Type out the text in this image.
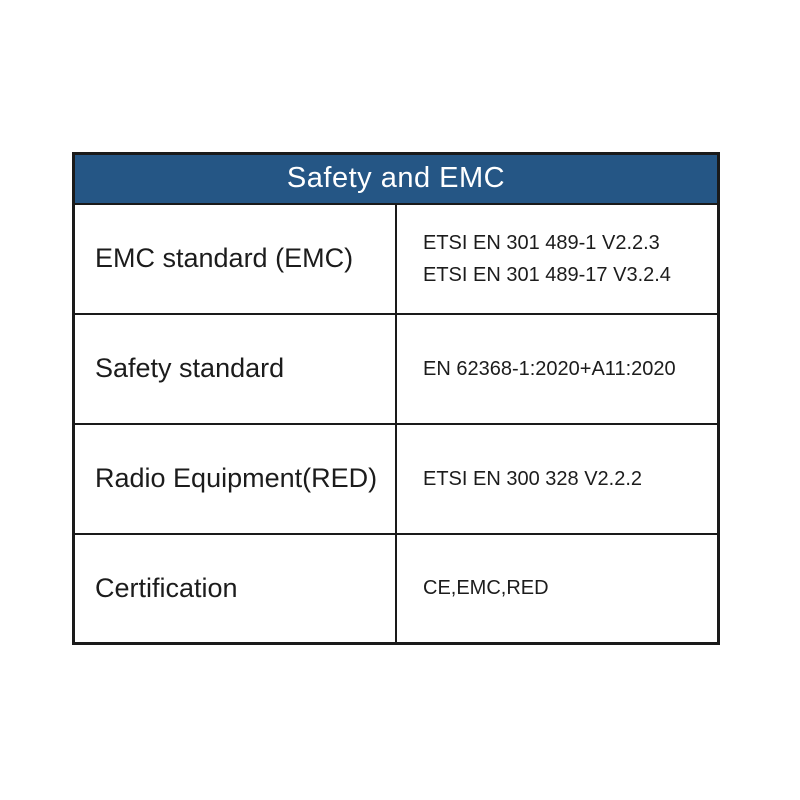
Safety and EMC	
EMC standard (EMC)	ETSI EN 301 489-1 V2.2.3
ETSI EN 301 489-17 V3.2.4

Safety standard	EN 62368-1:2020+A11:2020

Radio Equipment(RED)	ETSI EN 300 328 V2.2.2

Certification	CE,EMC,RED
